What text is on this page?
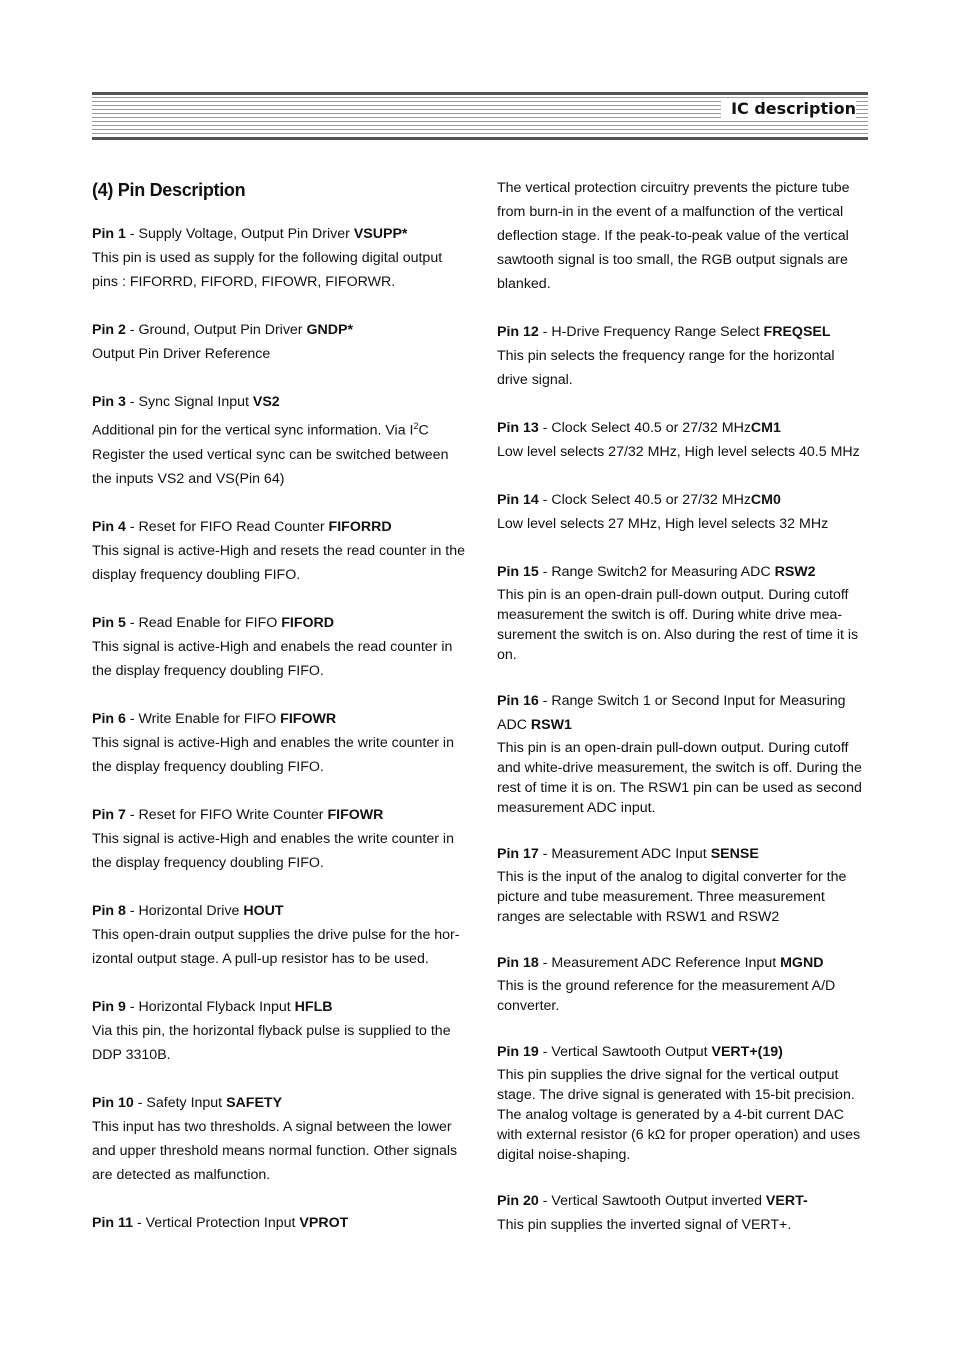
IC description
(4) Pin Description

Pin 1 - Supply Voltage, Output Pin Driver VSUPP*

This pin is used as supply for the following digital output pins : FIFORRD, FIFORD, FIFOWR, FIFORWR.

Pin 2 - Ground, Output Pin Driver GNDP*

Output Pin Driver Reference

Pin 3 - Sync Signal Input VS2

Additional pin for the vertical sync information. Via $I^2C$ Register the used vertical sync can be switched between the inputs VS2 and VS(Pin 64)

Pin 4 - Reset for FIFO Read Counter FIFORRD

This signal is active-High and resets the read counter in the display frequency doubling FIFO.

Pin 5 - Read Enable for FIFO FIFORD

This signal is active-High and enabels the read counter in the display frequency doubling FIFO.

Pin 6 - Write Enable for FIFO FIFOWR

This signal is active-High and enables the write counter in the display frequency doubling FIFO.

Pin 7 - Reset for FIFO Write Counter FIFOWR

This signal is active-High and enables the write counter in the display frequency doubling FIFO.

Pin 8 - Horizontal Drive HOUT

This open-drain output supplies the drive pulse for the hor-izontal output stage. A pull-up resistor has to be used.

Pin 9 - Horizontal Flyback Input HFLB

Via this pin, the horizontal flyback pulse is supplied to the DDP 3310B.

Pin 10 - Safety Input SAFETY

This input has two thresholds. A signal between the lower and upper threshold means normal function. Other signals are detected as malfunction.

Pin 11 - Vertical Protection Input VPROT

The vertical protection circuitry prevents the picture tube from burn-in in the event of a malfunction of the vertical deflection stage. If the peak-to-peak value of the vertical sawtooth signal is too small, the RGB output signals are blanked.

Pin 12 - H-Drive Frequency Range Select FREQSEL

This pin selects the frequency range for the horizontal drive signal.

Pin 13 - Clock Select 40.5 or 27/32 MHzCM1

Low level selects 27/32 MHz, High level selects 40.5 MHz

Pin 14 - Clock Select 40.5 or 27/32 MHzCM0

Low level selects 27 MHz, High level selects 32 MHz

Pin 15 - Range Switch2 for Measuring ADC RSW2

This pin is an open-drain pull-down output. During cutoff measurement the switch is off. During white drive mea-surement the switch is on. Also during the rest of time it is on.

Pin 16 - Range Switch 1 or Second Input for Measuring ADC RSW1

This pin is an open-drain pull-down output. During cutoff and white-drive measurement, the switch is off. During the rest of time it is on. The RSW1 pin can be used as second measurement ADC input.

Pin 17 - Measurement ADC Input SENSE

This is the input of the analog to digital converter for the picture and tube measurement. Three measurement ranges are selectable with RSW1 and RSW2

Pin 18 - Measurement ADC Reference Input MGND

This is the ground reference for the measurement A/D converter.

Pin 19 - Vertical Sawtooth Output VERT+(19)

This pin supplies the drive signal for the vertical output stage. The drive signal is generated with 15-bit precision. The analog voltage is generated by a 4-bit current DAC with external resistor (6 kΩ for proper operation) and uses digital noise-shaping.

Pin 20 - Vertical Sawtooth Output inverted VERT-

This pin supplies the inverted signal of VERT+.
